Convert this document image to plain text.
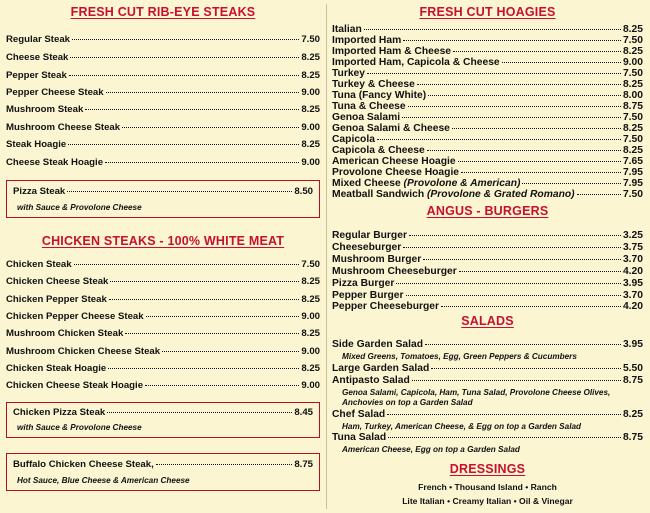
FRESH CUT RIB-EYE STEAKS
Regular Steak	7.50
Cheese Steak	8.25
Pepper Steak	8.25
Pepper Cheese Steak	9.00
Mushroom Steak	8.25
Mushroom Cheese Steak	9.00
Steak Hoagie	8.25
Cheese Steak Hoagie	9.00
Pizza Steak	8.50
with Sauce & Provolone Cheese
CHICKEN STEAKS - 100% WHITE MEAT
Chicken Steak	7.50
Chicken Cheese Steak	8.25
Chicken Pepper Steak	8.25
Chicken Pepper Cheese Steak	9.00
Mushroom Chicken Steak	8.25
Mushroom Chicken Cheese Steak	9.00
Chicken Steak Hoagie	8.25
Chicken Cheese Steak Hoagie	9.00
Chicken Pizza Steak	8.45
with Sauce & Provolone Cheese
Buffalo Chicken Cheese Steak,	8.75
Hot Sauce, Blue Cheese & American Cheese
FRESH CUT HOAGIES
Italian	8.25
Imported Ham	7.50
Imported Ham & Cheese	8.25
Imported Ham, Capicola & Cheese	9.00
Turkey	7.50
Turkey & Cheese	8.25
Tuna (Fancy White)	8.00
Tuna & Cheese	8.75
Genoa Salami	7.50
Genoa Salami & Cheese	8.25
Capicola	7.50
Capicola & Cheese	8.25
American Cheese Hoagie	7.65
Provolone Cheese Hoagie	7.95
Mixed Cheese (Provolone & American)	7.95
Meatball Sandwich (Provolone & Grated Romano)	7.50
ANGUS - BURGERS
Regular Burger	3.25
Cheeseburger	3.75
Mushroom Burger	3.70
Mushroom Cheeseburger	4.20
Pizza Burger	3.95
Pepper Burger	3.70
Pepper Cheeseburger	4.20
SALADS
Side Garden Salad	3.95
Mixed Greens, Tomatoes, Egg, Green Peppers & Cucumbers
Large Garden Salad	5.50
Antipasto Salad	8.75
Genoa Salami, Capicola, Ham, Tuna Salad, Provolone Cheese Olives,
Anchovies on top a Garden Salad
Chef Salad	8.25
Ham, Turkey, American Cheese, & Egg on top a Garden Salad
Tuna Salad	8.75
American Cheese, Egg on top a Garden Salad
DRESSINGS
French • Thousand Island • Ranch
Lite Italian • Creamy Italian • Oil & Vinegar
